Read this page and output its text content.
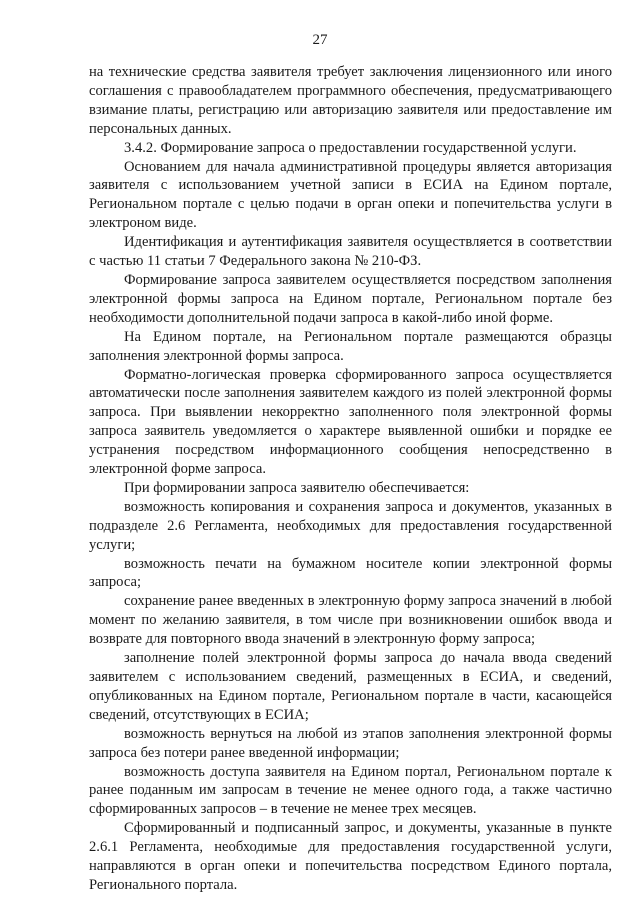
27

на технические средства заявителя требует заключения лицензионного или иного соглашения с правообладателем программного обеспечения, предусматривающего взимание платы, регистрацию или авторизацию заявителя или предоставление им персональных данных.

3.4.2. Формирование запроса о предоставлении государственной услуги.

Основанием для начала административной процедуры является авторизация заявителя с использованием учетной записи в ЕСИА на Едином портале, Региональном портале с целью подачи в орган опеки и попечительства услуги в электроном виде.

Идентификация и аутентификация заявителя осуществляется в соответствии с частью 11 статьи 7 Федерального закона № 210-ФЗ.

Формирование запроса заявителем осуществляется посредством заполнения электронной формы запроса на Едином портале, Региональном портале без необходимости дополнительной подачи запроса в какой-либо иной форме.

На Едином портале, на Региональном портале размещаются образцы заполнения электронной формы запроса.

Форматно-логическая проверка сформированного запроса осуществляется автоматически после заполнения заявителем каждого из полей электронной формы запроса. При выявлении некорректно заполненного поля электронной формы запроса заявитель уведомляется о характере выявленной ошибки и порядке ее устранения посредством информационного сообщения непосредственно в электронной форме запроса.

При формировании запроса заявителю обеспечивается:

возможность копирования и сохранения запроса и документов, указанных в подразделе 2.6 Регламента, необходимых для предоставления государственной услуги;

возможность печати на бумажном носителе копии электронной формы запроса;

сохранение ранее введенных в электронную форму запроса значений в любой момент по желанию заявителя, в том числе при возникновении ошибок ввода и возврате для повторного ввода значений в электронную форму запроса;

заполнение полей электронной формы запроса до начала ввода сведений заявителем с использованием сведений, размещенных в ЕСИА, и сведений, опубликованных на Едином портале, Региональном портале в части, касающейся сведений, отсутствующих в ЕСИА;

возможность вернуться на любой из этапов заполнения электронной формы запроса без потери ранее введенной информации;

возможность доступа заявителя на Едином портал, Региональном портале к ранее поданным им запросам в течение не менее одного года, а также частично сформированных запросов – в течение не менее трех месяцев.

Сформированный и подписанный запрос, и документы, указанные в пункте 2.6.1 Регламента, необходимые для предоставления государственной услуги, направляются в орган опеки и попечительства посредством Единого портала, Регионального портала.
